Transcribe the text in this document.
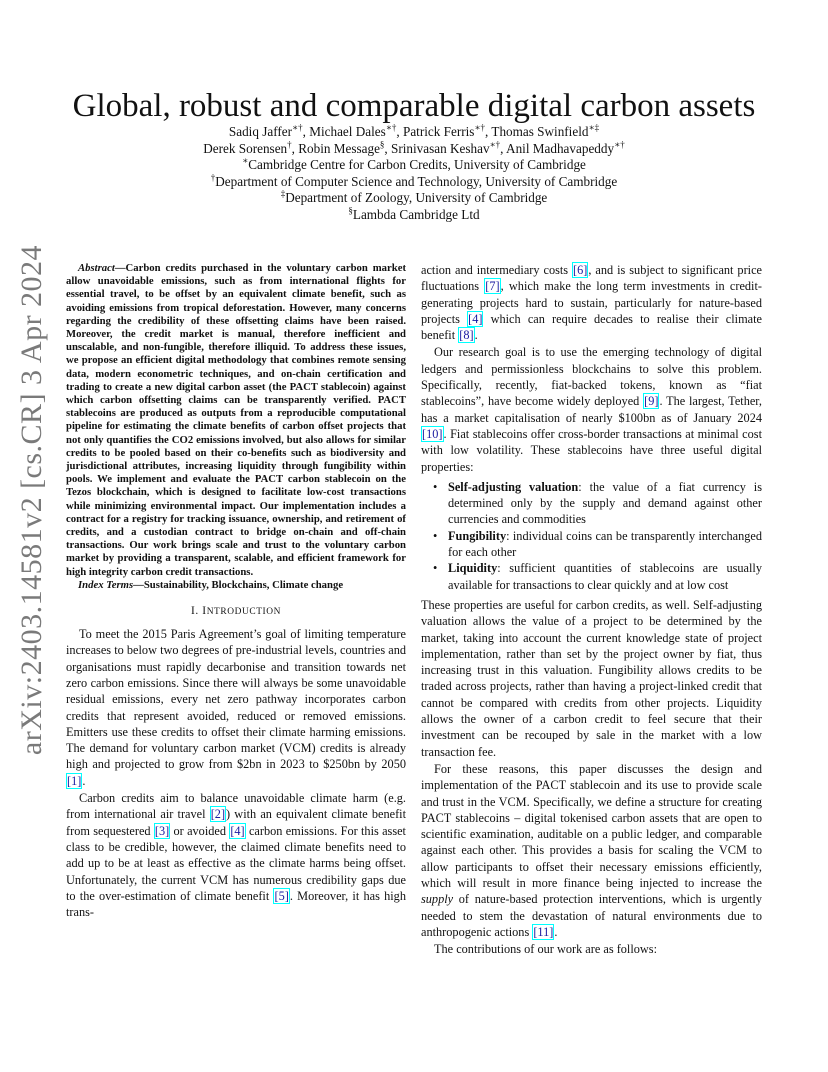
arXiv:2403.14581v2 [cs.CR] 3 Apr 2024
Global, robust and comparable digital carbon assets
Sadiq Jaffer∗†, Michael Dales∗†, Patrick Ferris∗†, Thomas Swinfield∗‡
Derek Sorensen†, Robin Message§, Srinivasan Keshav∗†, Anil Madhavapeddy∗†
∗Cambridge Centre for Carbon Credits, University of Cambridge
†Department of Computer Science and Technology, University of Cambridge
‡Department of Zoology, University of Cambridge
§Lambda Cambridge Ltd

Abstract—Carbon credits purchased in the voluntary carbon market allow unavoidable emissions, such as from international flights for essential travel, to be offset by an equivalent climate benefit, such as avoiding emissions from tropical deforestation. However, many concerns regarding the credibility of these offsetting claims have been raised. Moreover, the credit market is manual, therefore inefficient and unscalable, and non-fungible, therefore illiquid. To address these issues, we propose an efficient digital methodology that combines remote sensing data, modern econometric techniques, and on-chain certification and trading to create a new digital carbon asset (the PACT stablecoin) against which carbon offsetting claims can be transparently verified. PACT stablecoins are produced as outputs from a reproducible computational pipeline for estimating the climate benefits of carbon offset projects that not only quantifies the CO2 emissions involved, but also allows for similar credits to be pooled based on their co-benefits such as biodiversity and jurisdictional attributes, increasing liquidity through fungibility within pools. We implement and evaluate the PACT carbon stablecoin on the Tezos blockchain, which is designed to facilitate low-cost transactions while minimizing environmental impact. Our implementation includes a contract for a registry for tracking issuance, ownership, and retirement of credits, and a custodian contract to bridge on-chain and off-chain transactions. Our work brings scale and trust to the voluntary carbon market by providing a transparent, scalable, and efficient framework for high integrity carbon credit transactions.

Index Terms—Sustainability, Blockchains, Climate change

I. INTRODUCTION

To meet the 2015 Paris Agreement’s goal of limiting temperature increases to below two degrees of pre-industrial levels, countries and organisations must rapidly decarbonise and transition towards net zero carbon emissions. Since there will always be some unavoidable residual emissions, every net zero pathway incorporates carbon credits that represent avoided, reduced or removed emissions. Emitters use these credits to offset their climate harming emissions. The demand for voluntary carbon market (VCM) credits is already high and projected to grow from $2bn in 2023 to $250bn by 2050 [1].

Carbon credits aim to balance unavoidable climate harm (e.g. from international air travel [2]) with an equivalent climate benefit from sequestered [3] or avoided [4] carbon emissions. For this asset class to be credible, however, the claimed climate benefits need to add up to be at least as effective as the climate harms being offset. Unfortunately, the current VCM has numerous credibility gaps due to the over-estimation of climate benefit [5]. Moreover, it has high trans-

action and intermediary costs [6], and is subject to significant price fluctuations [7], which make the long term investments in credit-generating projects hard to sustain, particularly for nature-based projects [4] which can require decades to realise their climate benefit [8].

Our research goal is to use the emerging technology of digital ledgers and permissionless blockchains to solve this problem. Specifically, recently, fiat-backed tokens, known as “fiat stablecoins”, have become widely deployed [9]. The largest, Tether, has a market capitalisation of nearly $100bn as of January 2024 [10]. Fiat stablecoins offer cross-border transactions at minimal cost with low volatility. These stablecoins have three useful digital properties:

• Self-adjusting valuation: the value of a fiat currency is determined only by the supply and demand against other currencies and commodities
• Fungibility: individual coins can be transparently interchanged for each other
• Liquidity: sufficient quantities of stablecoins are usually available for transactions to clear quickly and at low cost

These properties are useful for carbon credits, as well. Self-adjusting valuation allows the value of a project to be determined by the market, taking into account the current knowledge state of project implementation, rather than set by the project owner by fiat, thus increasing trust in this valuation. Fungibility allows credits to be traded across projects, rather than having a project-linked credit that cannot be compared with credits from other projects. Liquidity allows the owner of a carbon credit to feel secure that their investment can be recouped by sale in the market with a low transaction fee.

For these reasons, this paper discusses the design and implementation of the PACT stablecoin and its use to provide scale and trust in the VCM. Specifically, we define a structure for creating PACT stablecoins – digital tokenised carbon assets that are open to scientific examination, auditable on a public ledger, and comparable against each other. This provides a basis for scaling the VCM to allow participants to offset their necessary emissions efficiently, which will result in more finance being injected to increase the supply of nature-based protection interventions, which is urgently needed to stem the devastation of natural environments due to anthropogenic actions [11].

The contributions of our work are as follows:
